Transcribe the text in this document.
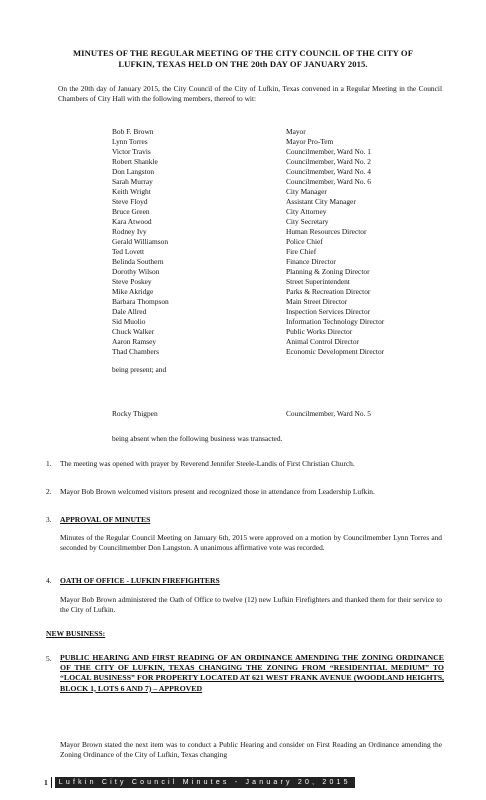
MINUTES OF THE REGULAR MEETING OF THE CITY COUNCIL OF THE CITY OF
LUFKIN, TEXAS HELD ON THE 20th DAY OF JANUARY 2015.
On the 20th day of January 2015, the City Council of the City of Lufkin, Texas convened in a Regular Meeting in the Council Chambers of City Hall with the following members, thereof to wit:
Bob F. Brown	Mayor
Lynn Torres	Mayor Pro-Tem
Victor Travis	Councilmember, Ward No. 1
Robert Shankle	Councilmember, Ward No. 2
Don Langston	Councilmember, Ward No. 4
Sarah Murray	Councilmember, Ward No. 6
Keith Wright	City Manager
Steve Floyd	Assistant City Manager
Bruce Green	City Attorney
Kara Atwood	City Secretary
Rodney Ivy	Human Resources Director
Gerald Williamson	Police Chief
Ted Lovett	Fire Chief
Belinda Southern	Finance Director
Dorothy Wilson	Planning & Zoning Director
Steve Poskey	Street Superintendent
Mike Akridge	Parks & Recreation Director
Barbara Thompson	Main Street Director
Dale Allred	Inspection Services Director
Sid Muolio	Information Technology Director
Chuck Walker	Public Works Director
Aaron Ramsey	Animal Control Director
Thad Chambers	Economic Development Director
being present; and
Rocky Thigpen	Councilmember, Ward No. 5
being absent when the following business was transacted.
1. The meeting was opened with prayer by Reverend Jennifer Steele-Landis of First Christian Church.
2. Mayor Bob Brown welcomed visitors present and recognized those in attendance from Leadership Lufkin.
3. APPROVAL OF MINUTES
Minutes of the Regular Council Meeting on January 6th, 2015 were approved on a motion by Councilmember Lynn Torres and seconded by Councilmember Don Langston. A unanimous affirmative vote was recorded.
4. OATH OF OFFICE - LUFKIN FIREFIGHTERS
Mayor Bob Brown administered the Oath of Office to twelve (12) new Lufkin Firefighters and thanked them for their service to the City of Lufkin.
NEW BUSINESS:
5. PUBLIC HEARING AND FIRST READING OF AN ORDINANCE AMENDING THE ZONING ORDINANCE OF THE CITY OF LUFKIN, TEXAS CHANGING THE ZONING FROM “RESIDENTIAL MEDIUM” TO “LOCAL BUSINESS” FOR PROPERTY LOCATED AT 621 WEST FRANK AVENUE (WOODLAND HEIGHTS, BLOCK 1, LOTS 6 AND 7) – APPROVED
Mayor Brown stated the next item was to conduct a Public Hearing and consider on First Reading an Ordinance amending the Zoning Ordinance of the City of Lufkin, Texas changing
1	Lufkin City Council Minutes - January 20, 2015
